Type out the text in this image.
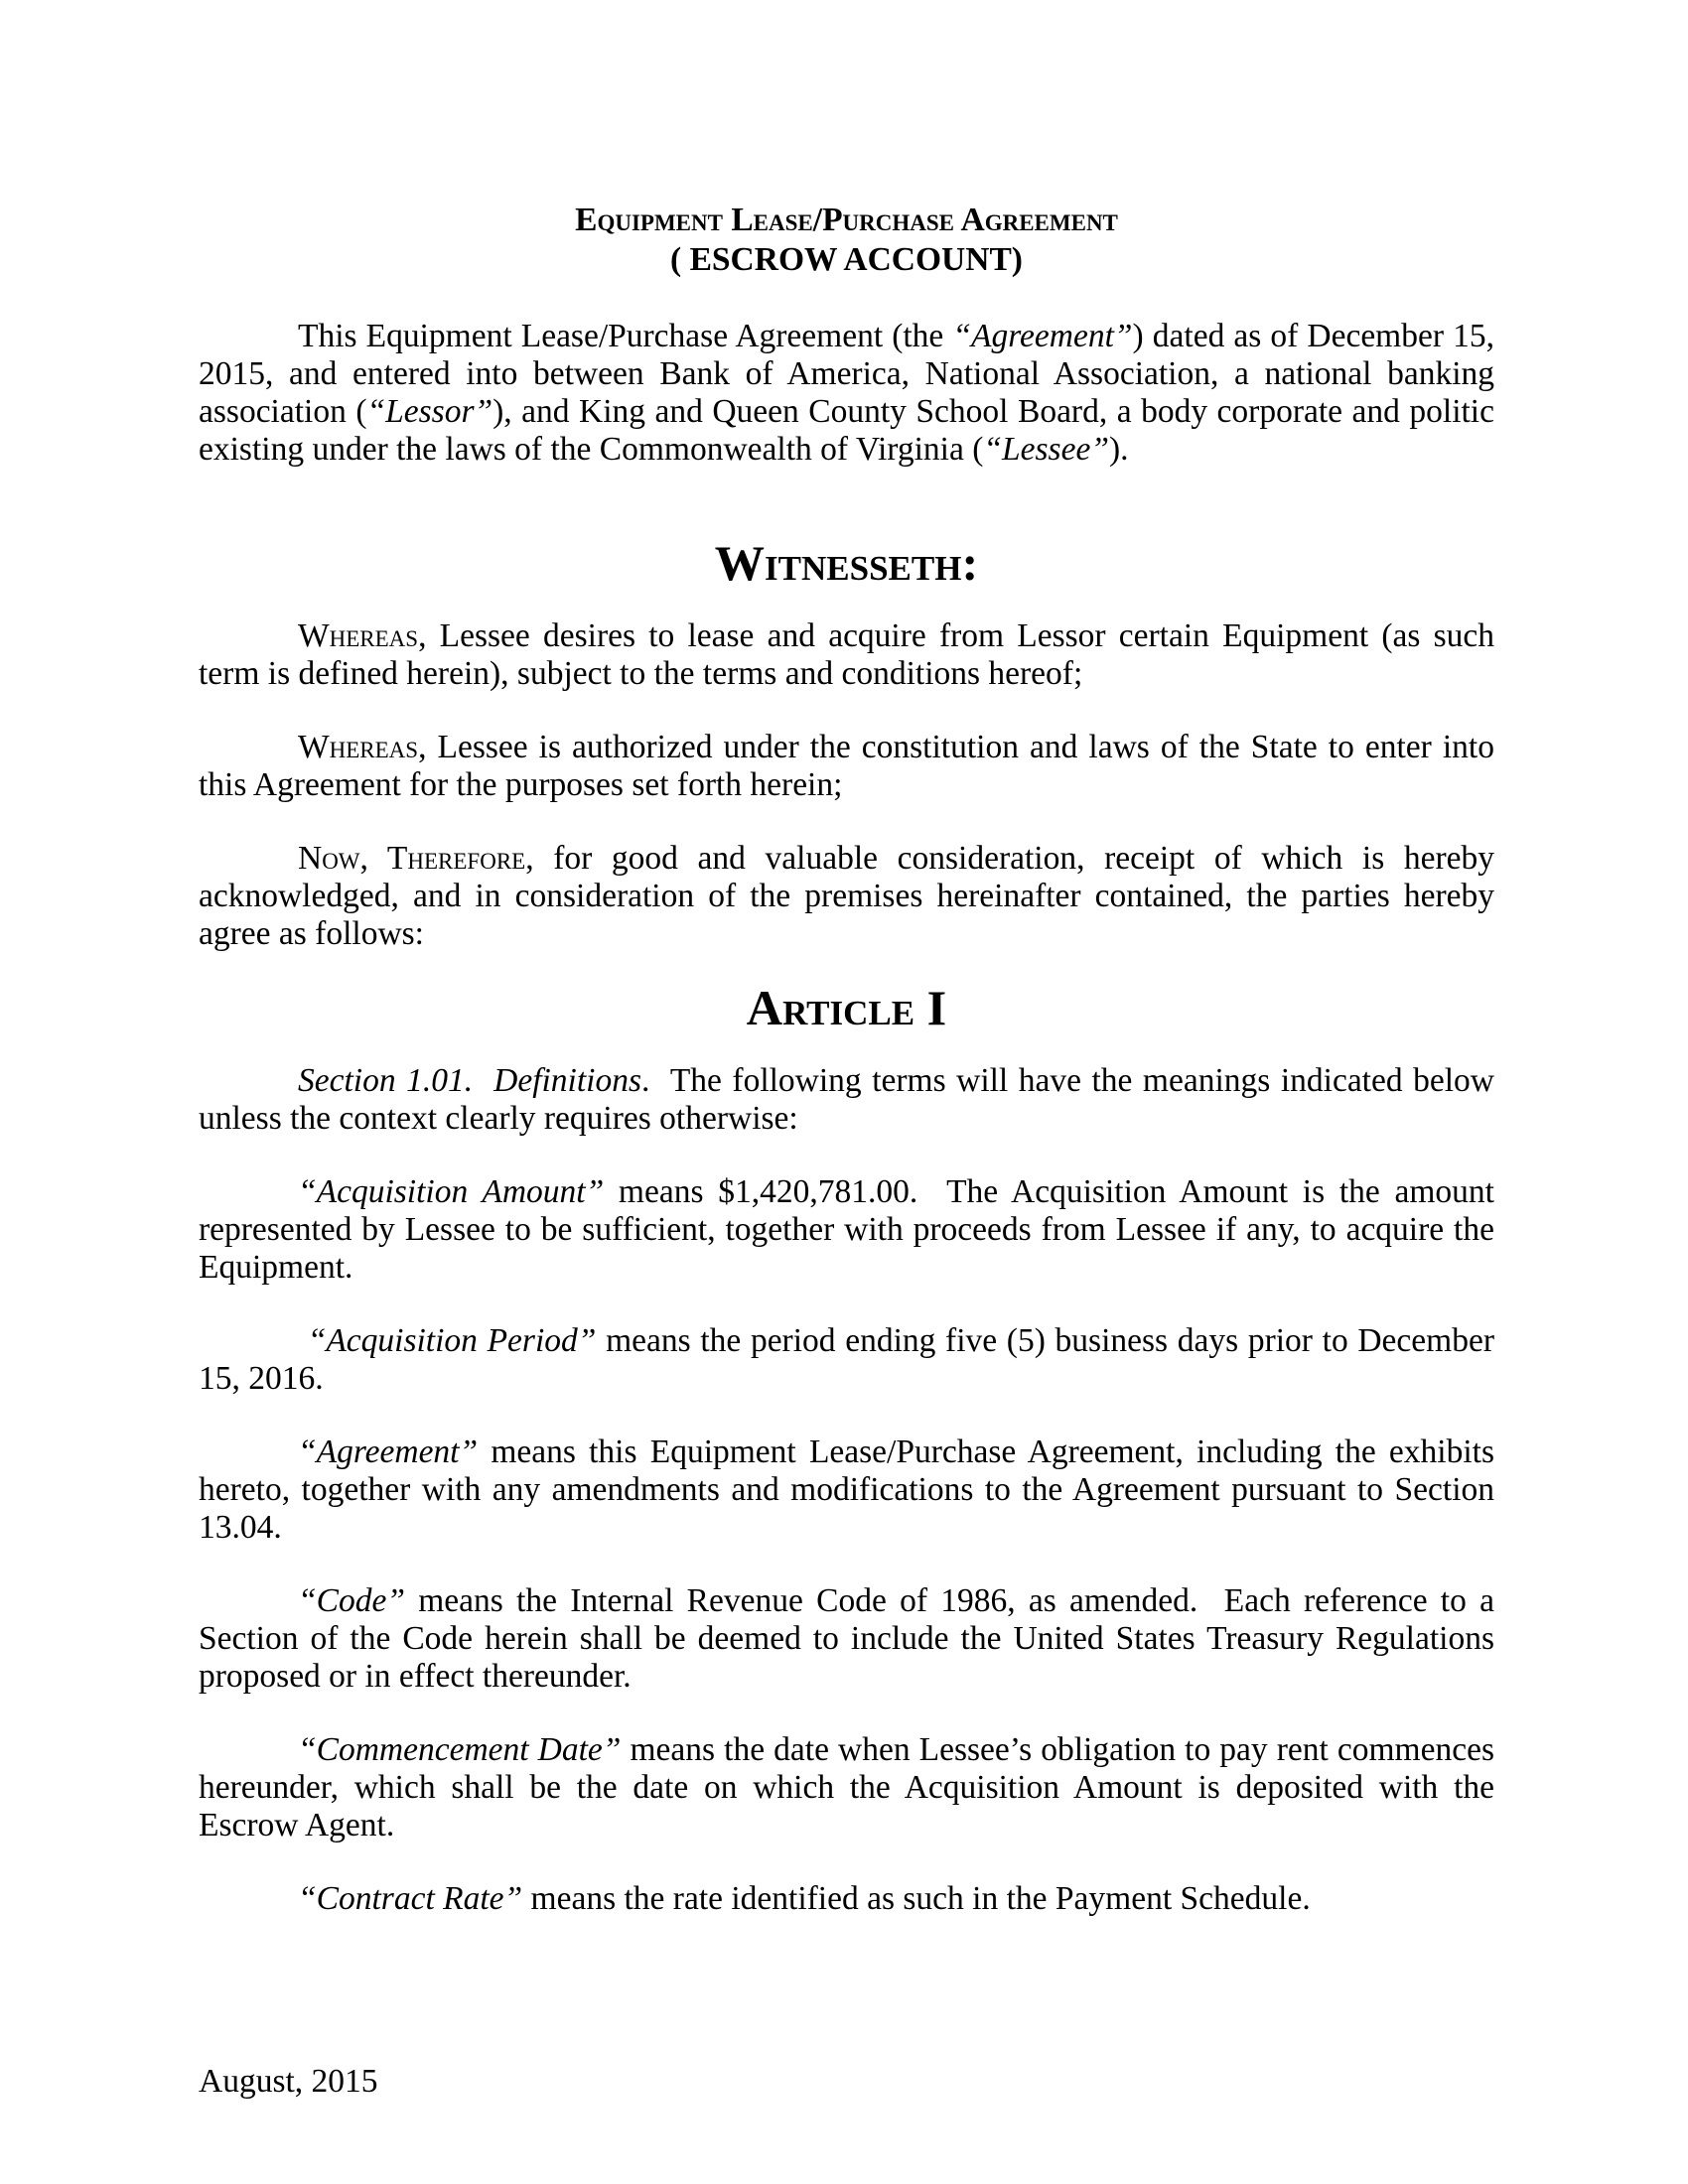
Equipment Lease/Purchase Agreement
( ESCROW ACCOUNT)

This Equipment Lease/Purchase Agreement (the “Agreement”) dated as of December 15, 2015, and entered into between Bank of America, National Association, a national banking association (“Lessor”), and King and Queen County School Board, a body corporate and politic existing under the laws of the Commonwealth of Virginia (“Lessee”).

Witnesseth:

Whereas, Lessee desires to lease and acquire from Lessor certain Equipment (as such term is defined herein), subject to the terms and conditions hereof;

Whereas, Lessee is authorized under the constitution and laws of the State to enter into this Agreement for the purposes set forth herein;

Now, Therefore, for good and valuable consideration, receipt of which is hereby acknowledged, and in consideration of the premises hereinafter contained, the parties hereby agree as follows:

Article I

Section 1.01.  Definitions.  The following terms will have the meanings indicated below unless the context clearly requires otherwise:

“Acquisition Amount” means $1,420,781.00.  The Acquisition Amount is the amount represented by Lessee to be sufficient, together with proceeds from Lessee if any, to acquire the Equipment.

“Acquisition Period” means the period ending five (5) business days prior to December 15, 2016.

“Agreement” means this Equipment Lease/Purchase Agreement, including the exhibits hereto, together with any amendments and modifications to the Agreement pursuant to Section 13.04.

“Code” means the Internal Revenue Code of 1986, as amended.  Each reference to a Section of the Code herein shall be deemed to include the United States Treasury Regulations proposed or in effect thereunder.

“Commencement Date” means the date when Lessee’s obligation to pay rent commences hereunder, which shall be the date on which the Acquisition Amount is deposited with the Escrow Agent.

“Contract Rate” means the rate identified as such in the Payment Schedule.

August, 2015
